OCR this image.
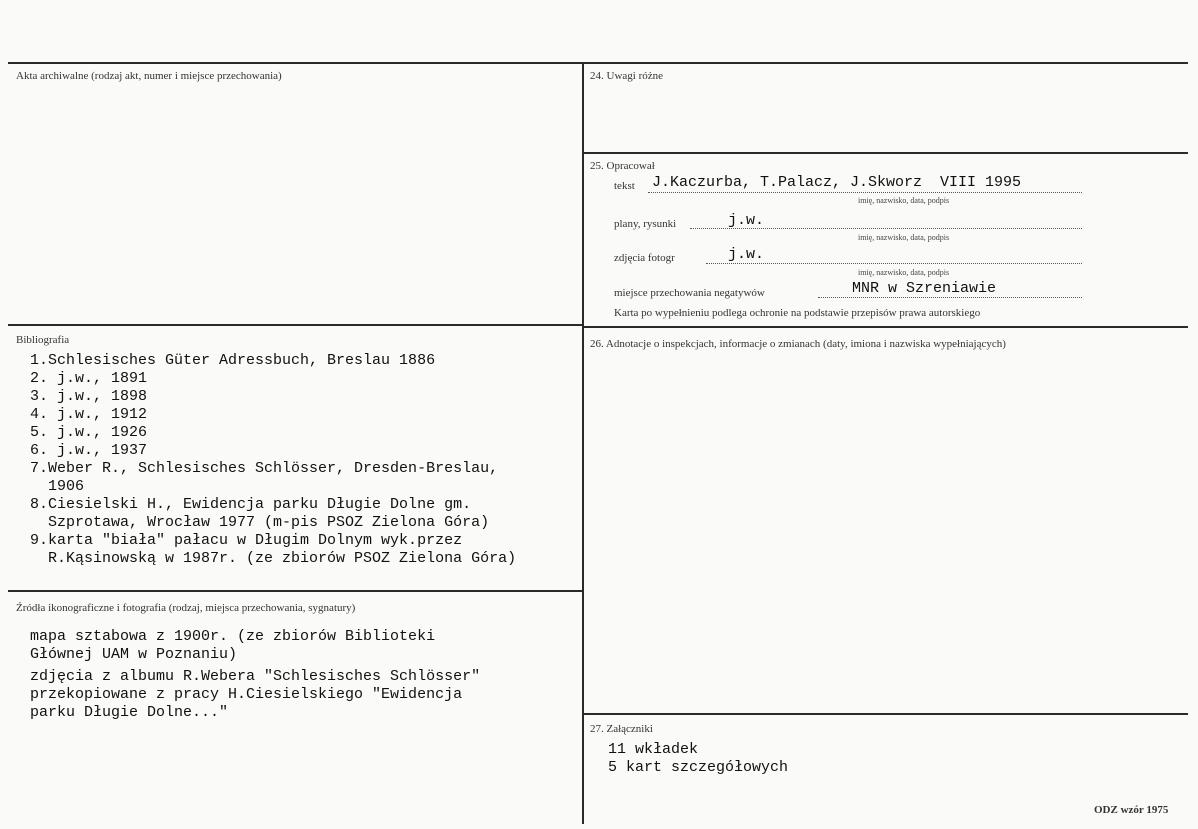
Akta archiwalne (rodzaj akt, numer i miejsce przechowania)
Bibliografia
1.Schlesisches Güter Adressbuch, Breslau 1886
2. j.w., 1891
3. j.w., 1898
4. j.w., 1912
5. j.w., 1926
6. j.w., 1937
7.Weber R., Schlesisches Schlösser, Dresden-Breslau,
1906
8.Ciesielski H., Ewidencja parku Długie Dolne gm.
Szprotawa, Wrocław 1977 (m-pis PSOZ Zielona Góra)
9.karta "biała" pałacu w Długim Dolnym wyk.przez
R.Kąsinowską w 1987r. (ze zbiorów PSOZ Zielona Góra)
Źródła ikonograficzne i fotografia (rodzaj, miejsca przechowania, sygnatury)
mapa sztabowa z 1900r. (ze zbiorów Biblioteki
Głównej UAM w Poznaniu)
zdjęcia z albumu R.Webera "Schlesisches Schlösser"
przekopiowane z pracy H.Ciesielskiego "Ewidencja
parku Długie Dolne..."
24. Uwagi różne
25. Opracował
tekst J.Kaczurba, T.Palacz, J.Skworz  VIII 1995
imię, nazwisko, data, podpis
plany, rysunki	j.w.
imię, nazwisko, data, podpis
zdjęcia fotogr	j.w.
imię, nazwisko, data, podpis
miejsce przechowania negatywów	MNR w Szreniawie
Karta po wypełnieniu podlega ochronie na podstawie przepisów prawa autorskiego
26. Adnotacje o inspekcjach, informacje o zmianach (daty, imiona i nazwiska wypełniających)
27. Załączniki
11 wkładek
5 kart szczegółowych
ODZ wzór 1975
